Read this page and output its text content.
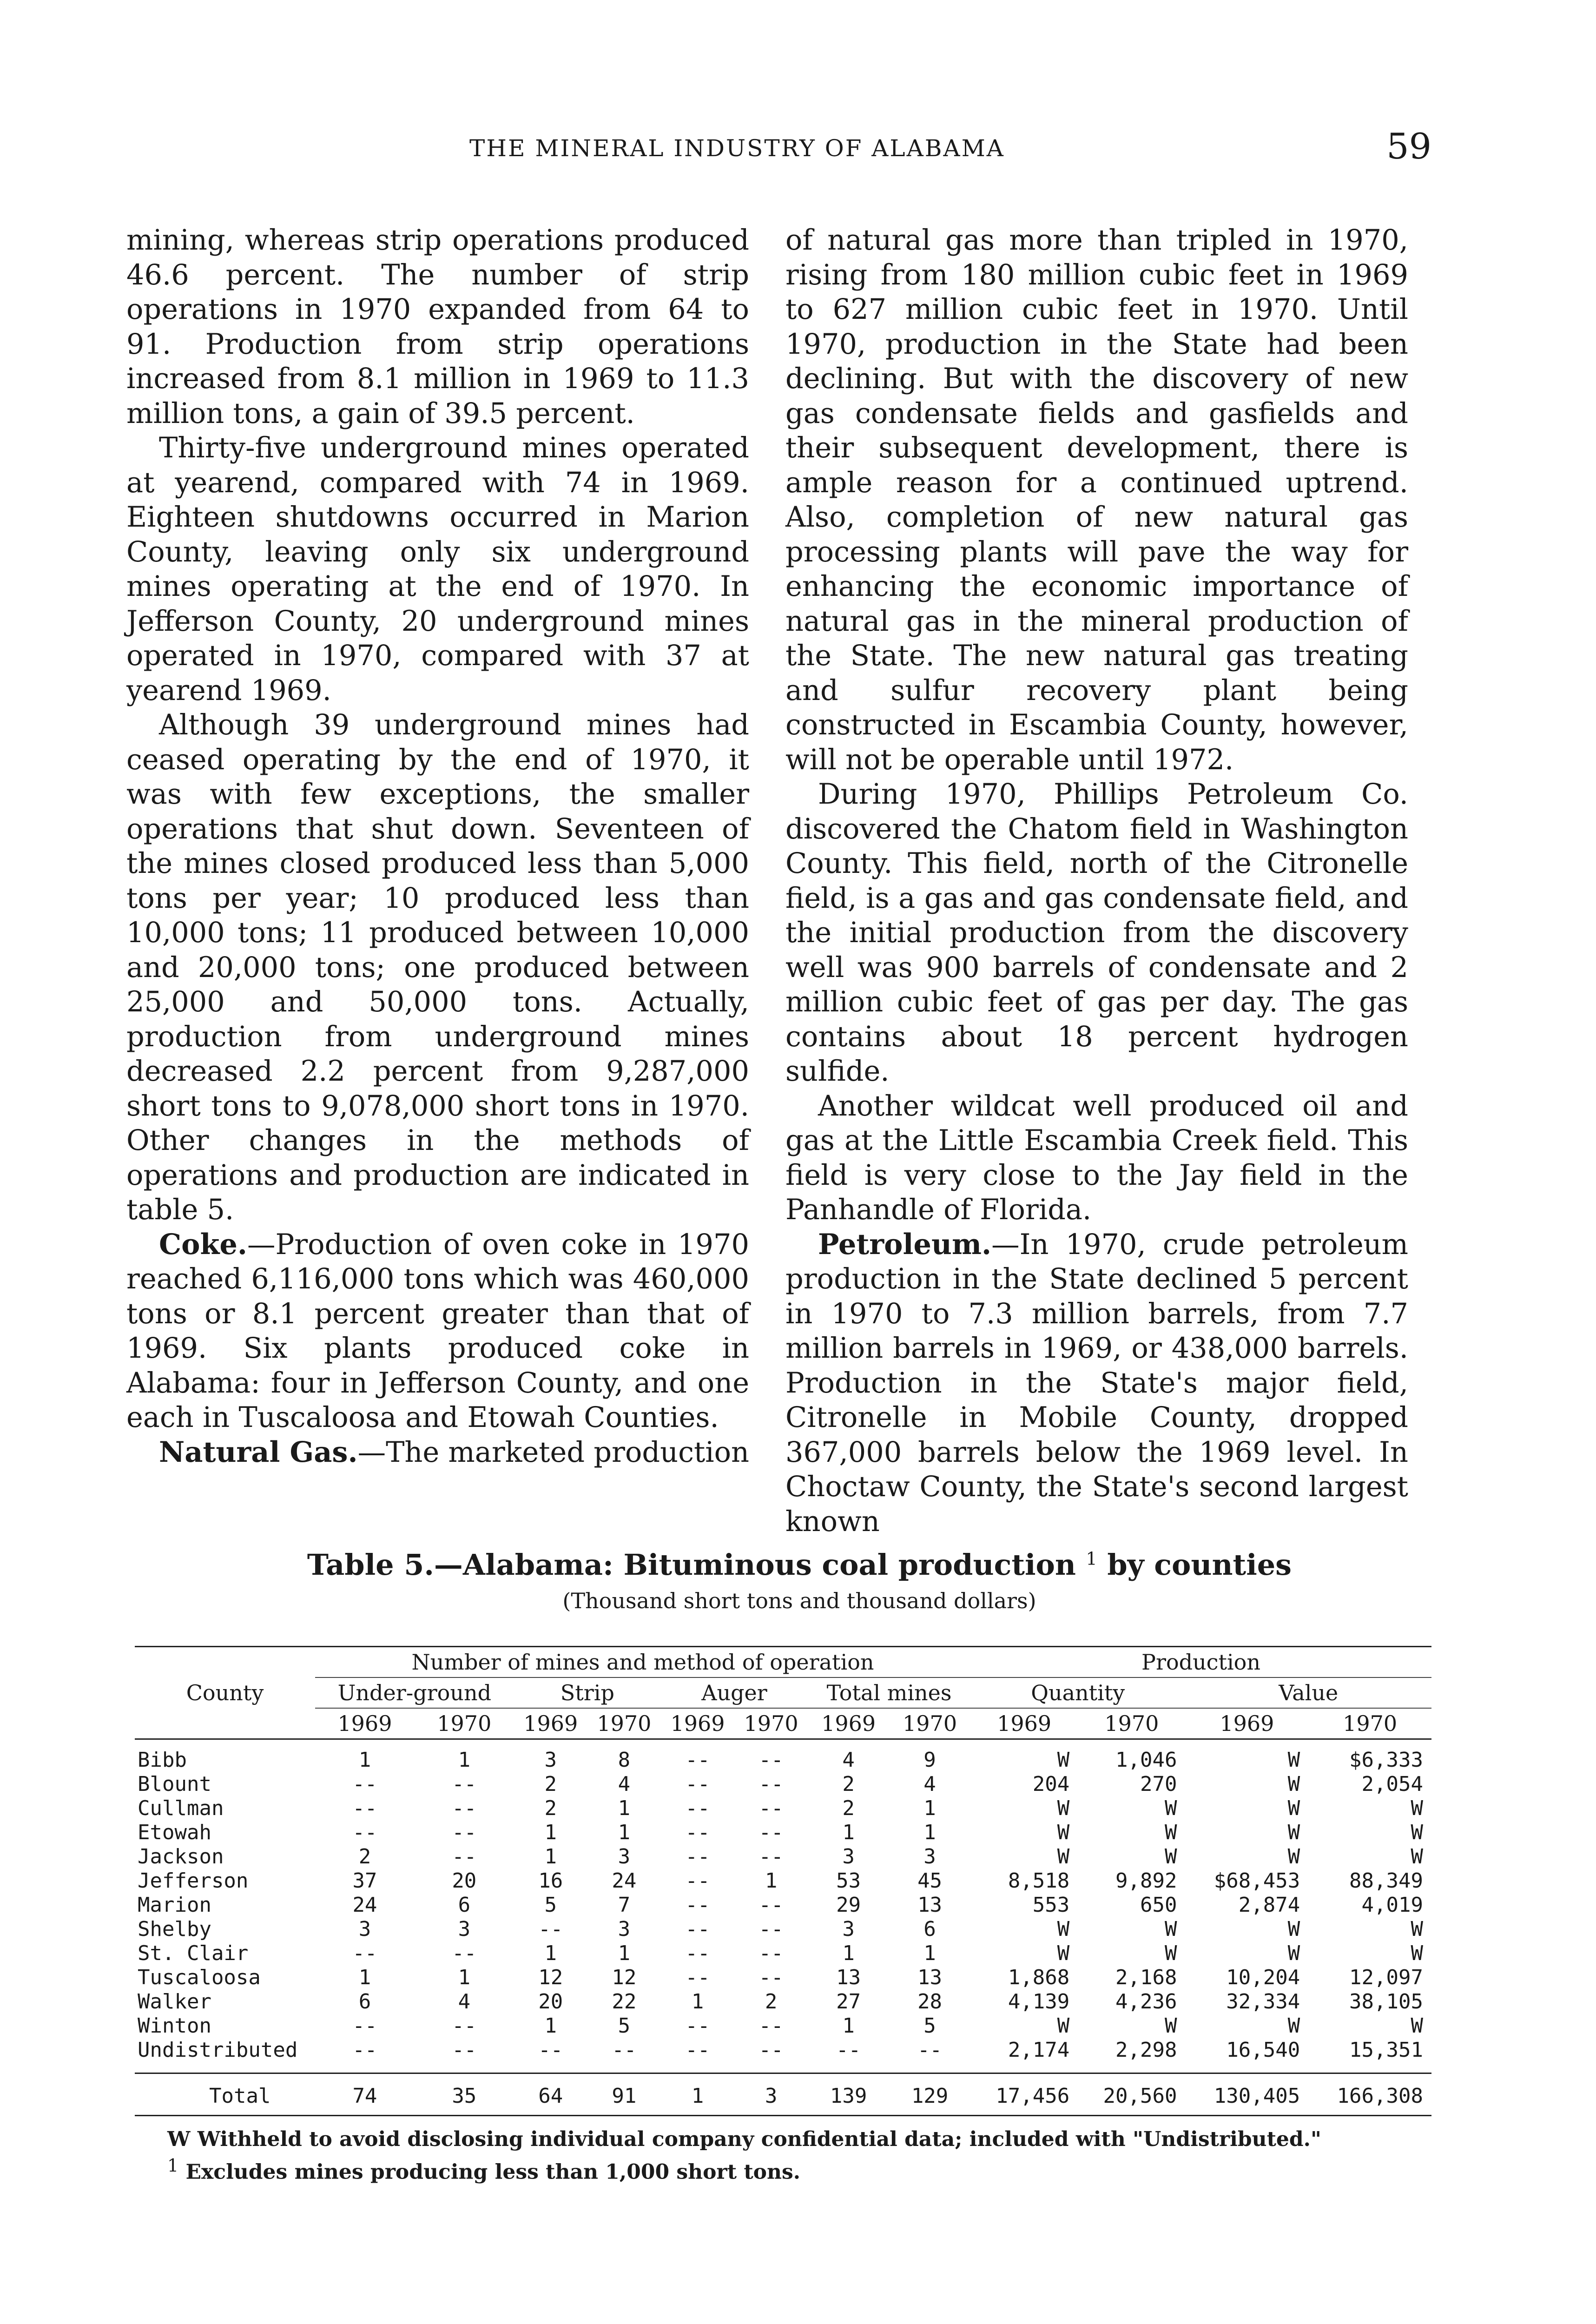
THE MINERAL INDUSTRY OF ALABAMA	59

mining, whereas strip operations produced 46.6 percent. The number of strip operations in 1970 expanded from 64 to 91. Production from strip operations increased from 8.1 million in 1969 to 11.3 million tons, a gain of 39.5 percent.

Thirty-five underground mines operated at yearend, compared with 74 in 1969. Eighteen shutdowns occurred in Marion County, leaving only six underground mines operating at the end of 1970. In Jefferson County, 20 underground mines operated in 1970, compared with 37 at yearend 1969.

Although 39 underground mines had ceased operating by the end of 1970, it was with few exceptions, the smaller operations that shut down. Seventeen of the mines closed produced less than 5,000 tons per year; 10 produced less than 10,000 tons; 11 produced between 10,000 and 20,000 tons; one produced between 25,000 and 50,000 tons. Actually, production from underground mines decreased 2.2 percent from 9,287,000 short tons to 9,078,000 short tons in 1970. Other changes in the methods of operations and production are indicated in table 5.

Coke.—Production of oven coke in 1970 reached 6,116,000 tons which was 460,000 tons or 8.1 percent greater than that of 1969. Six plants produced coke in Alabama: four in Jefferson County, and one each in Tuscaloosa and Etowah Counties.

Natural Gas.—The marketed production

of natural gas more than tripled in 1970, rising from 180 million cubic feet in 1969 to 627 million cubic feet in 1970. Until 1970, production in the State had been declining. But with the discovery of new gas condensate fields and gasfields and their subsequent development, there is ample reason for a continued uptrend. Also, completion of new natural gas processing plants will pave the way for enhancing the economic importance of natural gas in the mineral production of the State. The new natural gas treating and sulfur recovery plant being constructed in Escambia County, however, will not be operable until 1972.

During 1970, Phillips Petroleum Co. discovered the Chatom field in Washington County. This field, north of the Citronelle field, is a gas and gas condensate field, and the initial production from the discovery well was 900 barrels of condensate and 2 million cubic feet of gas per day. The gas contains about 18 percent hydrogen sulfide.

Another wildcat well produced oil and gas at the Little Escambia Creek field. This field is very close to the Jay field in the Panhandle of Florida.

Petroleum.—In 1970, crude petroleum production in the State declined 5 percent in 1970 to 7.3 million barrels, from 7.7 million barrels in 1969, or 438,000 barrels. Production in the State's major field, Citronelle in Mobile County, dropped 367,000 barrels below the 1969 level. In Choctaw County, the State's second largest known

Table 5.—Alabama: Bituminous coal production $^1$ by counties
(Thousand short tons and thousand dollars)
County	Number of mines and method of operation								Production			
	Under-ground		Strip		Auger		Total mines		Quantity		Value	
	1969	1970	1969	1970	1969	1970	1969	1970	1969	1970	1969	1970
Bibb	1	1	3	8	--	--	4	9	W	1,046	W	$6,333
Blount	--	--	2	4	--	--	2	4	204	270	W	2,054
Cullman	--	--	2	1	--	--	2	1	W	W	W	W
Etowah	--	--	1	1	--	--	1	1	W	W	W	W
Jackson	2	--	1	3	--	--	3	3	W	W	W	W
Jefferson	37	20	16	24	--	1	53	45	8,518	9,892	$68,453	88,349
Marion	24	6	5	7	--	--	29	13	553	650	2,874	4,019
Shelby	3	3	--	3	--	--	3	6	W	W	W	W
St. Clair	--	--	1	1	--	--	1	1	W	W	W	W
Tuscaloosa	1	1	12	12	--	--	13	13	1,868	2,168	10,204	12,097
Walker	6	4	20	22	1	2	27	28	4,139	4,236	32,334	38,105
Winton	--	--	1	5	--	--	1	5	W	W	W	W
Undistributed	--	--	--	--	--	--	--	--	2,174	2,298	16,540	15,351
Total	74	35	64	91	1	3	139	129	17,456	20,560	130,405	166,308
W Withheld to avoid disclosing individual company confidential data; included with "Undistributed."
$^1$ Excludes mines producing less than 1,000 short tons.
